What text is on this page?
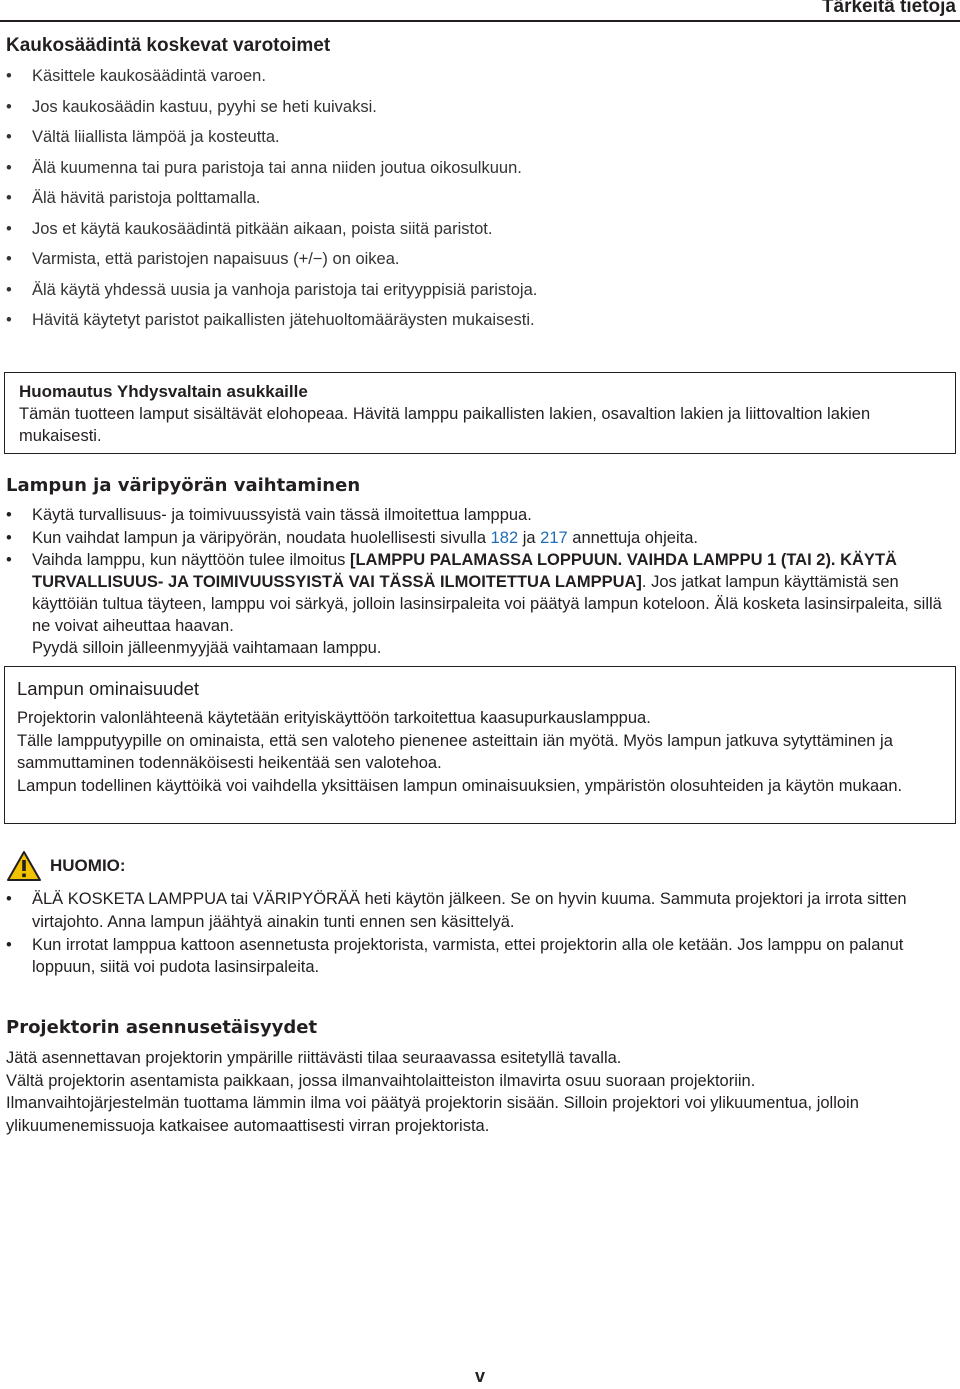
Tärkeitä tietoja
Kaukosäädintä koskevat varotoimet
• Käsittele kaukosäädintä varoen.
• Jos kaukosäädin kastuu, pyyhi se heti kuivaksi.
• Vältä liiallista lämpöä ja kosteutta.
• Älä kuumenna tai pura paristoja tai anna niiden joutua oikosulkuun.
• Älä hävitä paristoja polttamalla.
• Jos et käytä kaukosäädintä pitkään aikaan, poista siitä paristot.
• Varmista, että paristojen napaisuus (+/−) on oikea.
• Älä käytä yhdessä uusia ja vanhoja paristoja tai erityyppisiä paristoja.
• Hävitä käytetyt paristot paikallisten jätehuoltomääräysten mukaisesti.
Huomautus Yhdysvaltain asukkaille
Tämän tuotteen lamput sisältävät elohopeaa. Hävitä lamppu paikallisten lakien, osavaltion lakien ja liittovaltion lakien mukaisesti.
Lampun ja väripyörän vaihtaminen
• Käytä turvallisuus- ja toimivuussyistä vain tässä ilmoitettua lamppua.
• Kun vaihdat lampun ja väripyörän, noudata huolellisesti sivulla 182 ja 217 annettuja ohjeita.
• Vaihda lamppu, kun näyttöön tulee ilmoitus [LAMPPU PALAMASSA LOPPUUN. VAIHDA LAMPPU 1 (TAI 2). KÄYTÄ TURVALLISUUS- JA TOIMIVUUSSYISTÄ VAI TÄSSÄ ILMOITETTUA LAMPPUA]. Jos jatkat lampun käyttämistä sen käyttöiän tultua täyteen, lamppu voi särkyä, jolloin lasinsirpaleita voi päätyä lampun koteloon. Älä kosketa lasinsirpaleita, sillä ne voivat aiheuttaa haavan.
Pyydä silloin jälleenmyyjää vaihtamaan lamppu.
Lampun ominaisuudet

Projektorin valonlähteenä käytetään erityiskäyttöön tarkoitettua kaasupurkauslamppua.

Tälle lampputyypille on ominaista, että sen valoteho pienenee asteittain iän myötä. Myös lampun jatkuva sytyttäminen ja sammuttaminen todennäköisesti heikentää sen valotehoa.

Lampun todellinen käyttöikä voi vaihdella yksittäisen lampun ominaisuuksien, ympäristön olosuhteiden ja käytön mukaan.

HUOMIO:
• ÄLÄ KOSKETA LAMPPUA tai VÄRIPYÖRÄÄ heti käytön jälkeen. Se on hyvin kuuma. Sammuta projektori ja irrota sitten virtajohto. Anna lampun jäähtyä ainakin tunti ennen sen käsittelyä.
• Kun irrotat lamppua kattoon asennetusta projektorista, varmista, ettei projektorin alla ole ketään. Jos lamppu on palanut loppuun, siitä voi pudota lasinsirpaleita.
Projektorin asennusetäisyydet

Jätä asennettavan projektorin ympärille riittävästi tilaa seuraavassa esitetyllä tavalla.

Vältä projektorin asentamista paikkaan, jossa ilmanvaihtolaitteiston ilmavirta osuu suoraan projektoriin.

Ilmanvaihtojärjestelmän tuottama lämmin ilma voi päätyä projektorin sisään. Silloin projektori voi ylikuumentua, jolloin ylikuumenemissuoja katkaisee automaattisesti virran projektorista.

v
